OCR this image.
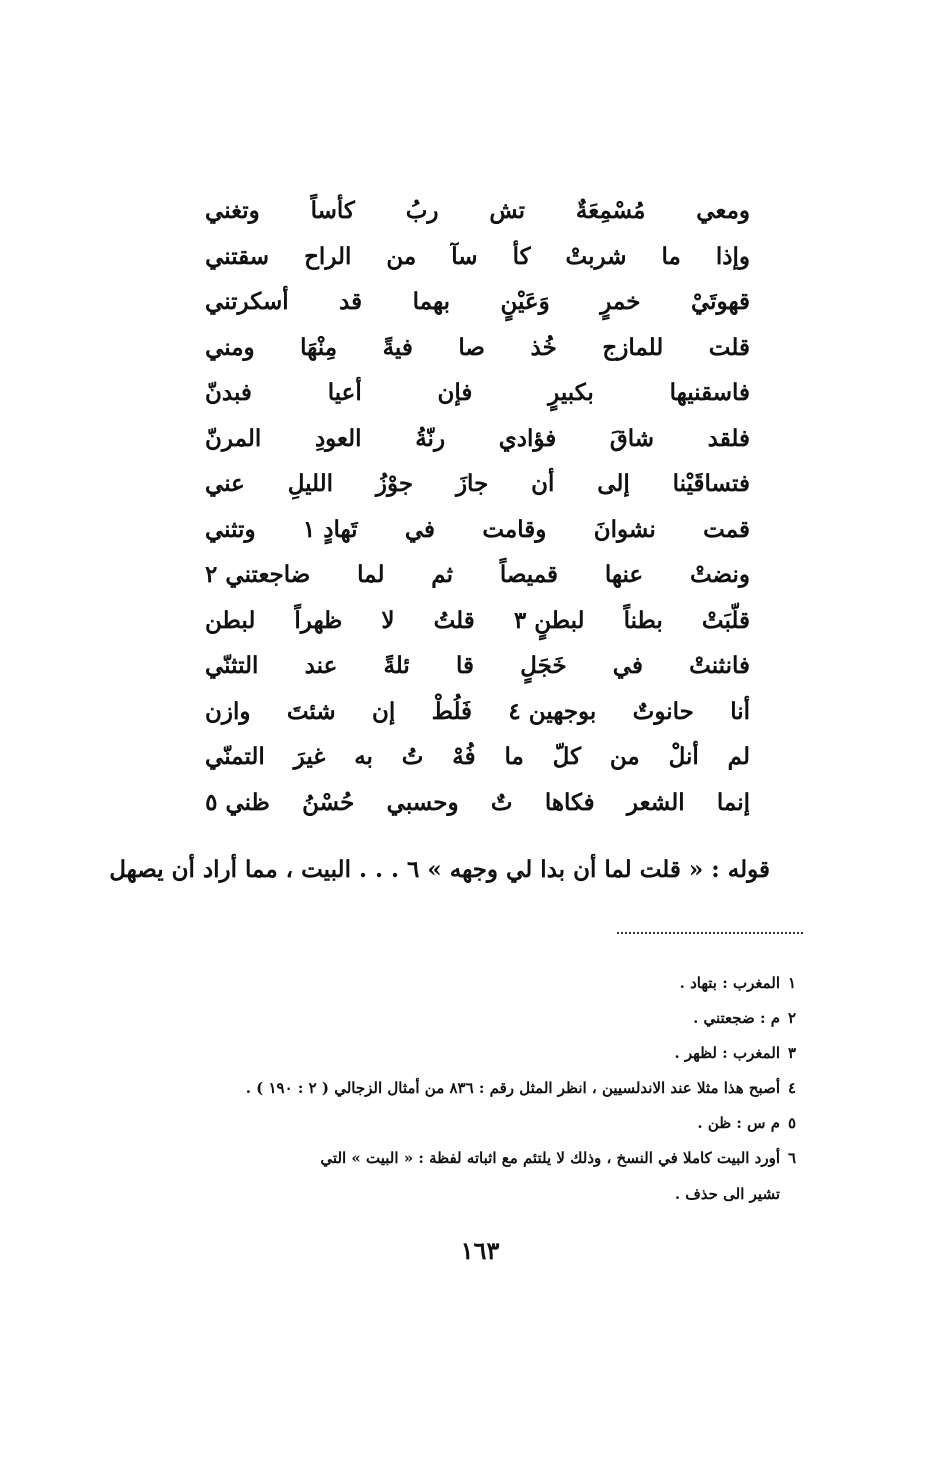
ومعي
مُسْمِعَةٌ
تش
ربُ
كأساً
وتغني
وإذا
ما
شربتْ
كأ
سآ
من
الراح
سقتني
قهوتَيْ
خمرٍ
وَعَيْنٍ
بهما
قد
أسكرتني
قلت
للمازج
خُذ
صا
فيةً
مِنْهَا
ومني
فاسقنيها
بكبيرٍ
فإن
أعيا
فبدنّ
فلقد
شاقَ
فؤادي
رنّةُ
العودِ
المرنّ
فتساقَيْنا
إلى
أن
جازَ
جوْزُ
الليلِ
عني
قمت
نشوانَ
وقامت
في
تَهادٍ ١
وتثني
ونضتْ
عنها
قميصاً
ثم
لما
ضاجعتني ٢
قلّبَتْ
بطناً
لبطنٍ ٣
قلتُ
لا
ظهراً
لبطن
فانثنتْ
في
خَجَلٍ
قا
ئلةً
عند
التثنّي
أنا
حانوتٌ
بوجهين ٤
فَلُطْ
إن
شئتَ
وازن
لم
أنلْ
من
كلّ
ما
فُهْ
تُ
به
غيرَ
التمنّي
إنما
الشعر
فكاها
تٌ
وحسبي
حُسْنُ
ظني ٥
قوله : « قلت لما أن بدا لي وجهه » ٦ . . . البيت ، مما أراد أن يصهل
١
المغرب : بتهاد .
٢
م : ضجعتني .
٣
المغرب : لظهر .
٤
أصبح هذا مثلا عند الاندلسيين ، انظر المثل رقم : ٨٣٦ من أمثال الزجالي ( ٢ : ١٩٠ ) .
٥
م س : ظن .
٦
أورد البيت كاملا في النسخ ، وذلك لا يلتئم مع اثباته لفظة : « البيت » التي
تشير الى حذف .
١٦٣
